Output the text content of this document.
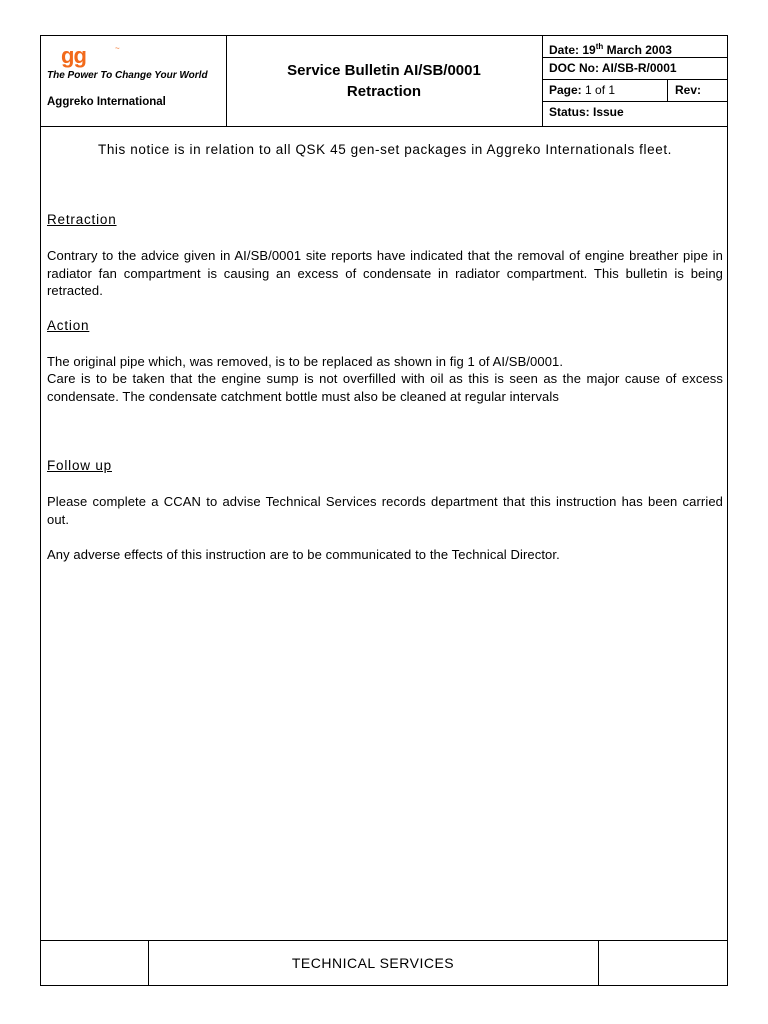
gg	~
The Power To Change Your World
Aggreko International
Service Bulletin AI/SB/0001
Retraction
Date: 19th March 2003
DOC No: AI/SB-R/0001
Page: 1 of 1	Rev:
Status: Issue
This notice is in relation to all QSK 45 gen-set packages in Aggreko Internationals fleet.
Retraction
Contrary to the advice given in AI/SB/0001 site reports have indicated that the removal of engine breather pipe in radiator fan compartment is causing an excess of condensate in radiator compartment. This bulletin is being retracted.
Action
The original pipe which, was removed, is to be replaced as shown in fig 1 of AI/SB/0001.
Care is to be taken that the engine sump is not overfilled with oil as this is seen as the major cause of excess condensate. The condensate catchment bottle must also be cleaned at regular intervals
Follow up
Please complete a CCAN to advise Technical Services records department that this instruction has been carried out.
Any adverse effects of this instruction are to be communicated to the Technical Director.
TECHNICAL SERVICES
